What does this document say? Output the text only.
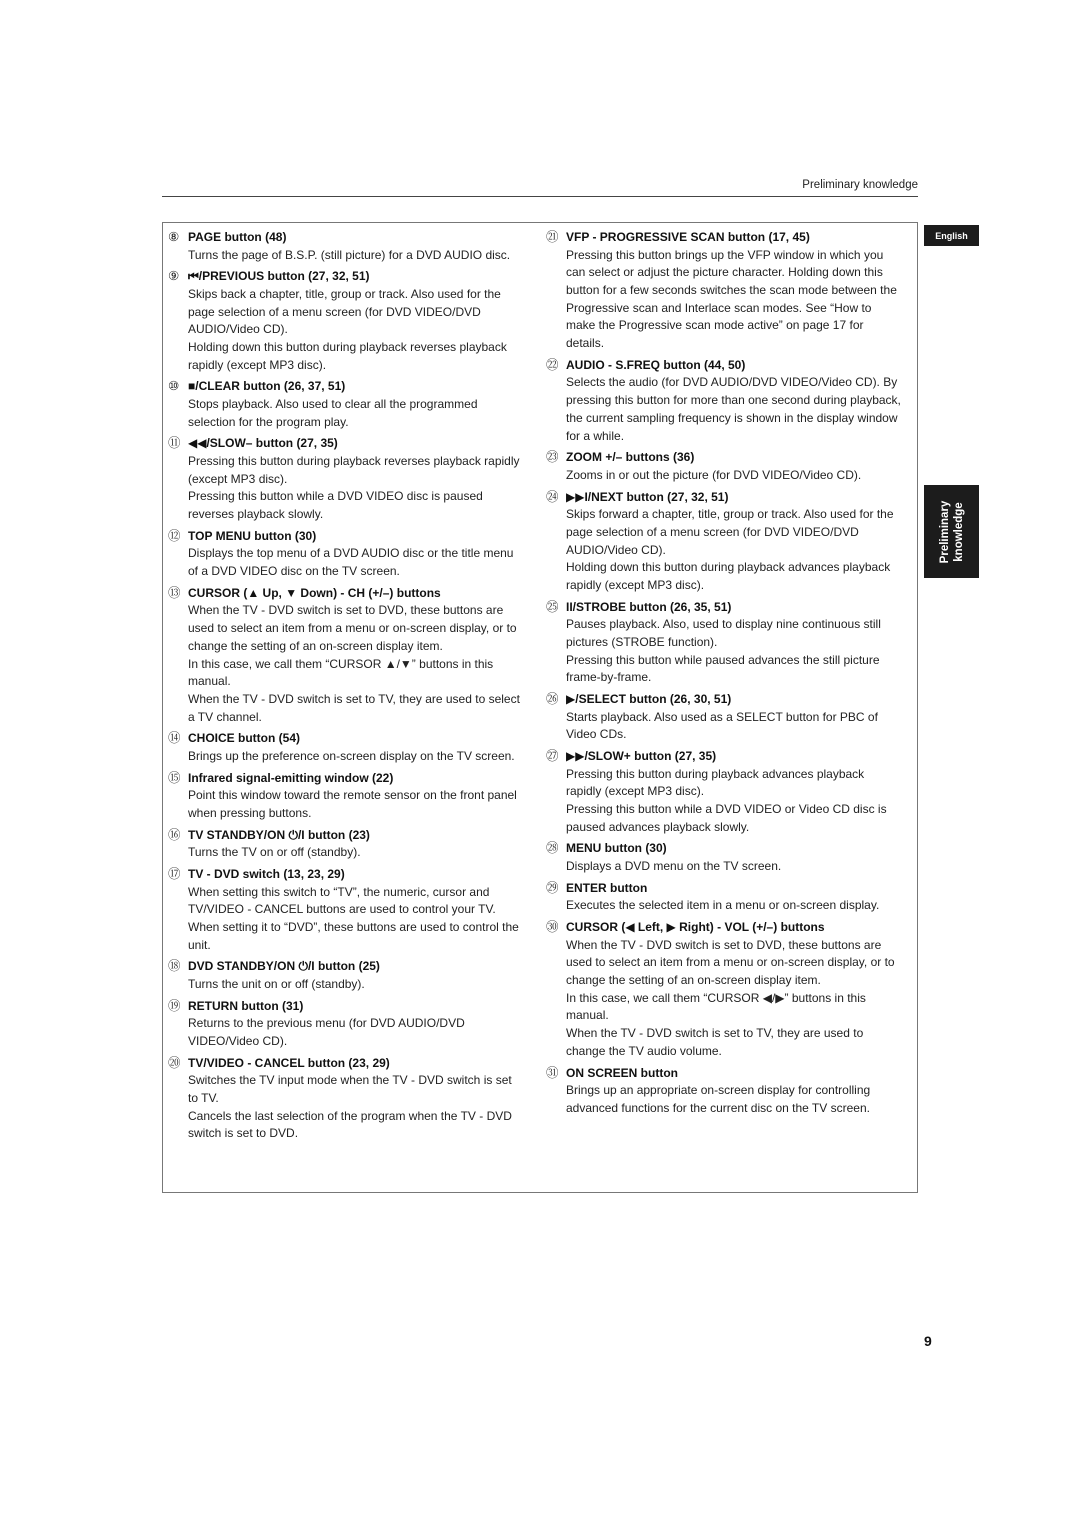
Preliminary knowledge
English
Preliminary knowledge
⑧ PAGE button (48)

Turns the page of B.S.P. (still picture) for a DVD AUDIO disc.

⑨ ⏮/PREVIOUS button (27, 32, 51)

Skips back a chapter, title, group or track. Also used for the page selection of a menu screen (for DVD VIDEO/DVD AUDIO/Video CD).

Holding down this button during playback reverses playback rapidly (except MP3 disc).

⑩ ■/CLEAR button (26, 37, 51)

Stops playback. Also used to clear all the programmed selection for the program play.

⑪ ◀◀/SLOW– button (27, 35)

Pressing this button during playback reverses playback rapidly (except MP3 disc).

Pressing this button while a DVD VIDEO disc is paused reverses playback slowly.

⑫ TOP MENU button (30)

Displays the top menu of a DVD AUDIO disc or the title menu of a DVD VIDEO disc on the TV screen.

⑬ CURSOR (▲ Up, ▼ Down) - CH (+/–) buttons

When the TV - DVD switch is set to DVD, these buttons are used to select an item from a menu or on-screen display, or to change the setting of an on-screen display item.

In this case, we call them “CURSOR ▲/▼” buttons in this manual.

When the TV - DVD switch is set to TV, they are used to select a TV channel.

⑭ CHOICE button (54)

Brings up the preference on-screen display on the TV screen.

⑮ Infrared signal-emitting window (22)

Point this window toward the remote sensor on the front panel when pressing buttons.

⑯ TV STANDBY/ON ⏻/I button (23)

Turns the TV on or off (standby).

⑰ TV - DVD switch (13, 23, 29)

When setting this switch to “TV”, the numeric, cursor and TV/VIDEO - CANCEL buttons are used to control your TV.

When setting it to “DVD”, these buttons are used to control the unit.

⑱ DVD STANDBY/ON ⏻/I button (25)

Turns the unit on or off (standby).

⑲ RETURN button (31)

Returns to the previous menu (for DVD AUDIO/DVD VIDEO/Video CD).

⑳ TV/VIDEO - CANCEL button (23, 29)

Switches the TV input mode when the TV - DVD switch is set to TV.

Cancels the last selection of the program when the TV - DVD switch is set to DVD.

㉑ VFP - PROGRESSIVE SCAN button (17, 45)

Pressing this button brings up the VFP window in which you can select or adjust the picture character. Holding down this button for a few seconds switches the scan mode between the Progressive scan and Interlace scan modes. See “How to make the Progressive scan mode active” on page 17 for details.

㉒ AUDIO - S.FREQ button (44, 50)

Selects the audio (for DVD AUDIO/DVD VIDEO/Video CD). By pressing this button for more than one second during playback, the current sampling frequency is shown in the display window for a while.

㉓ ZOOM +/– buttons (36)

Zooms in or out the picture (for DVD VIDEO/Video CD).

㉔ ▶▶I/NEXT button (27, 32, 51)

Skips forward a chapter, title, group or track. Also used for the page selection of a menu screen (for DVD VIDEO/DVD AUDIO/Video CD).

Holding down this button during playback advances playback rapidly (except MP3 disc).

㉕ II/STROBE button (26, 35, 51)

Pauses playback. Also, used to display nine continuous still pictures (STROBE function).

Pressing this button while paused advances the still picture frame-by-frame.

㉖ ▶/SELECT button (26, 30, 51)

Starts playback. Also used as a SELECT button for PBC of Video CDs.

㉗ ▶▶/SLOW+ button (27, 35)

Pressing this button during playback advances playback rapidly (except MP3 disc).

Pressing this button while a DVD VIDEO or Video CD disc is paused advances playback slowly.

㉘ MENU button (30)

Displays a DVD menu on the TV screen.

㉙ ENTER button

Executes the selected item in a menu or on-screen display.

㉚ CURSOR (◀ Left, ▶ Right) - VOL (+/–) buttons

When the TV - DVD switch is set to DVD, these buttons are used to select an item from a menu or on-screen display, or to change the setting of an on-screen display item.

In this case, we call them “CURSOR ◀/▶” buttons in this manual.

When the TV - DVD switch is set to TV, they are used to change the TV audio volume.

㉛ ON SCREEN button

Brings up an appropriate on-screen display for controlling advanced functions for the current disc on the TV screen.

9
